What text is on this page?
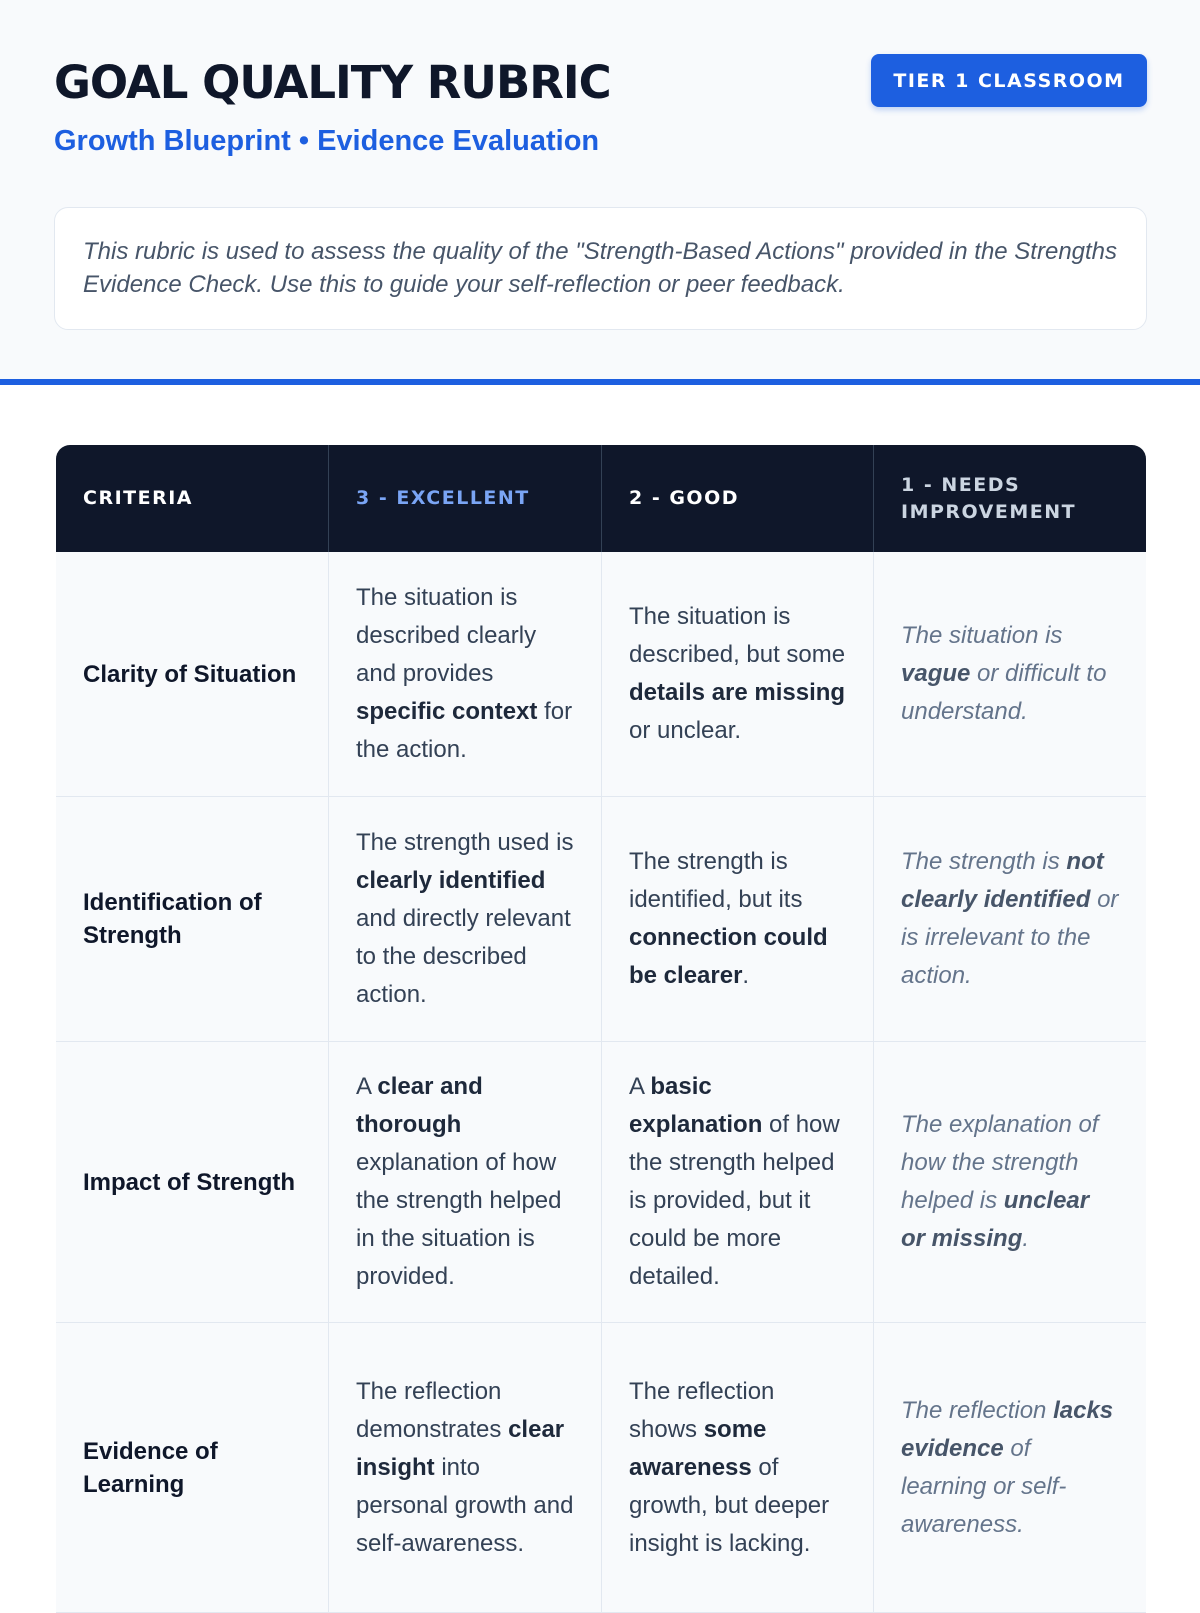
GOAL QUALITY RUBRIC
Growth Blueprint • Evidence Evaluation
TIER 1 CLASSROOM
This rubric is used to assess the quality of the "Strength-Based Actions" provided in the Strengths Evidence Check. Use this to guide your self-reflection or peer feedback.
CRITERIA	3 - EXCELLENT	2 - GOOD	1 - NEEDS IMPROVEMENT
Clarity of Situation	The situation is described clearly and provides specific context for the action.	The situation is described, but some details are missing or unclear.	The situation is vague or difficult to understand.
Identification of Strength	The strength used is clearly identified and directly relevant to the described action.	The strength is identified, but its connection could be clearer.	The strength is not clearly identified or is irrelevant to the action.
Impact of Strength	A clear and thorough explanation of how the strength helped in the situation is provided.	A basic explanation of how the strength helped is provided, but it could be more detailed.	The explanation of how the strength helped is unclear or missing.
Evidence of Learning	The reflection demonstrates clear insight into personal growth and self-awareness.	The reflection shows some awareness of growth, but deeper insight is lacking.	The reflection lacks evidence of learning or self-awareness.
